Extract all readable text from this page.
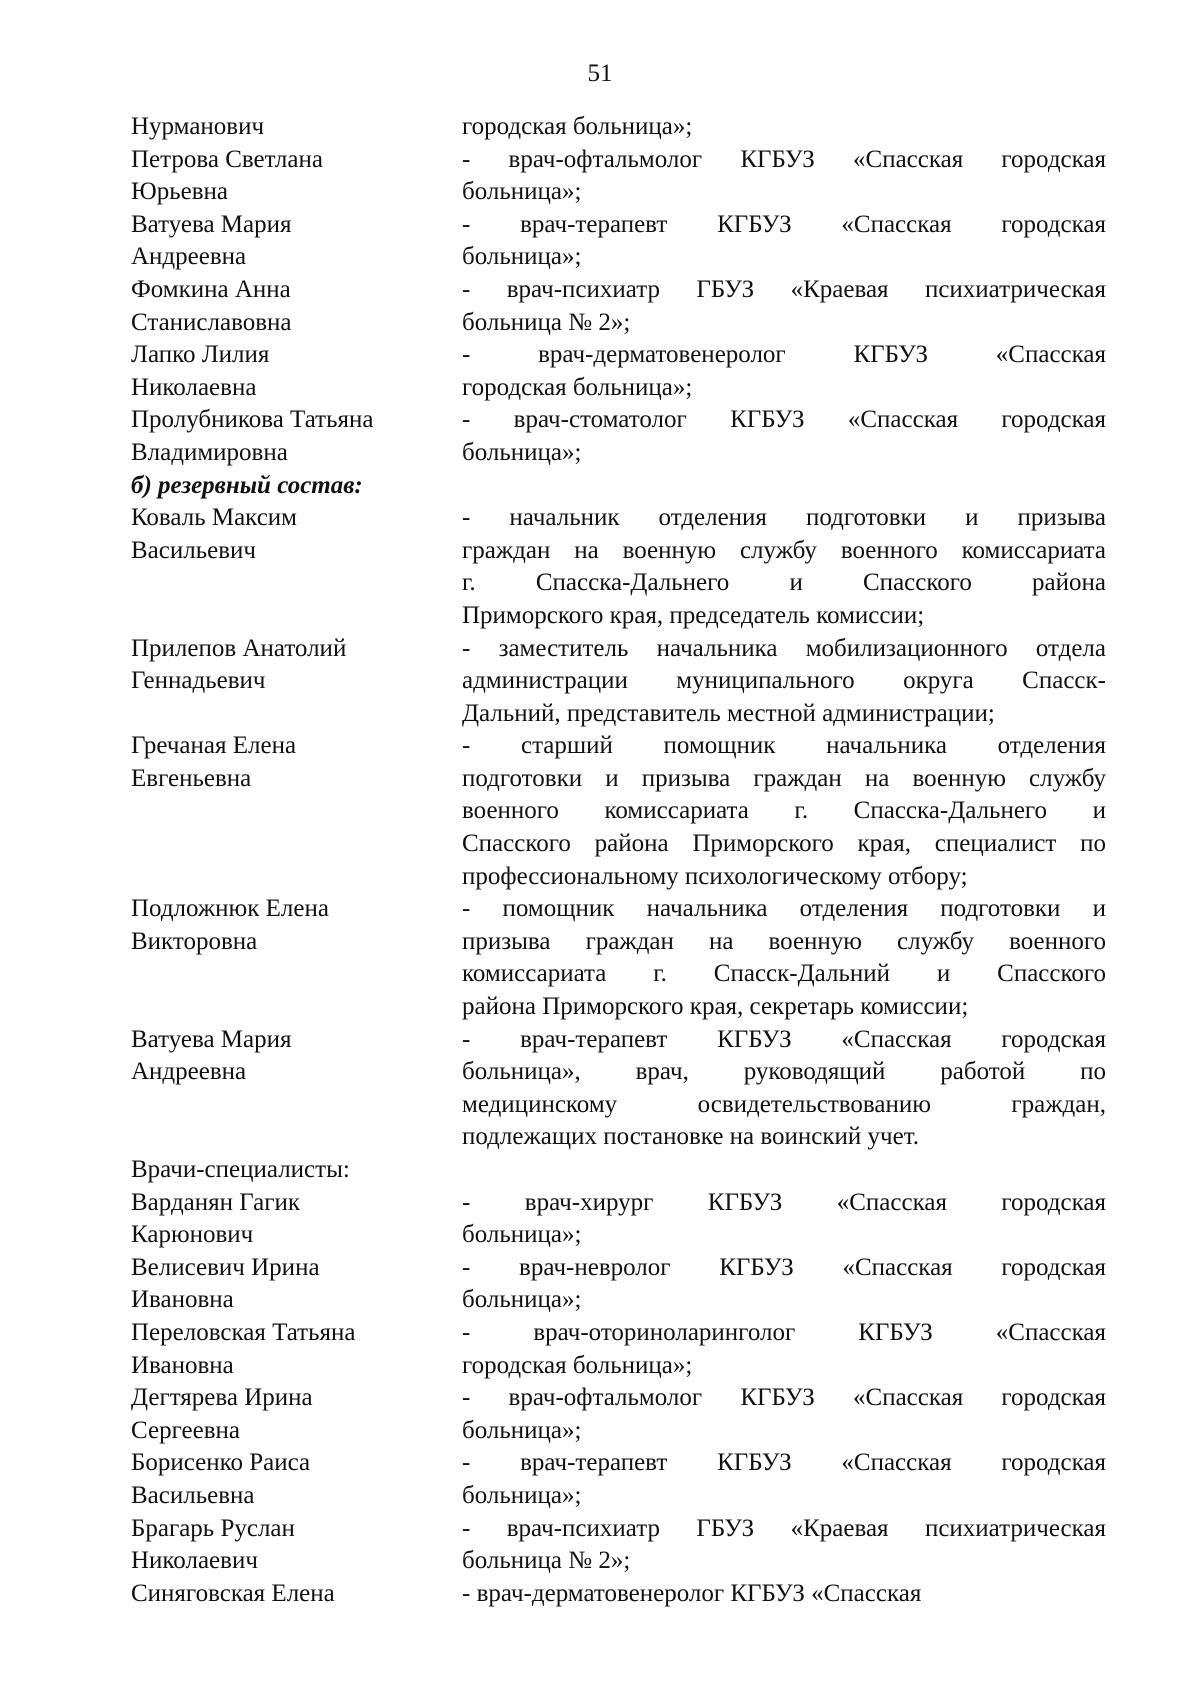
51
Нурманович	городская больница»;
Петрова Светлана
Юрьевна
- врач-офтальмолог КГБУЗ «Спасская городская
больница»;
Ватуева Мария
Андреевна
- врач-терапевт КГБУЗ «Спасская городская
больница»;
Фомкина Анна
Станиславовна
- врач-психиатр ГБУЗ «Краевая психиатрическая
больница № 2»;
Лапко Лилия
Николаевна
- врач-дерматовенеролог КГБУЗ «Спасская
городская больница»;
Пролубникова Татьяна
Владимировна
- врач-стоматолог КГБУЗ «Спасская городская
больница»;
б) резервный состав:
Коваль Максим
Васильевич
- начальник отделения подготовки и призыва
граждан на военную службу военного комиссариата
г. Спасска-Дальнего и Спасского района
Приморского края, председатель комиссии;
Прилепов Анатолий
Геннадьевич
- заместитель начальника мобилизационного отдела
администрации муниципального округа Спасск-
Дальний, представитель местной администрации;
Гречаная Елена
Евгеньевна
- старший помощник начальника отделения
подготовки и призыва граждан на военную службу
военного комиссариата г. Спасска-Дальнего и
Спасского района Приморского края, специалист по
профессиональному психологическому отбору;
Подложнюк Елена
Викторовна
- помощник начальника отделения подготовки и
призыва граждан на военную службу военного
комиссариата г. Спасск-Дальний и Спасского
района Приморского края, секретарь комиссии;
Ватуева Мария
Андреевна
- врач-терапевт КГБУЗ «Спасская городская
больница», врач, руководящий работой по
медицинскому освидетельствованию граждан,
подлежащих постановке на воинский учет.
Врачи-специалисты:
Варданян Гагик
Карюнович
- врач-хирург КГБУЗ «Спасская городская
больница»;
Велисевич Ирина
Ивановна
- врач-невролог КГБУЗ «Спасская городская
больница»;
Переловская Татьяна
Ивановна
- врач-оториноларинголог КГБУЗ «Спасская
городская больница»;
Дегтярева Ирина
Сергеевна
- врач-офтальмолог КГБУЗ «Спасская городская
больница»;
Борисенко Раиса
Васильевна
- врач-терапевт КГБУЗ «Спасская городская
больница»;
Брагарь Руслан
Николаевич
- врач-психиатр ГБУЗ «Краевая психиатрическая
больница № 2»;
Синяговская Елена	- врач-дерматовенеролог КГБУЗ «Спасская
